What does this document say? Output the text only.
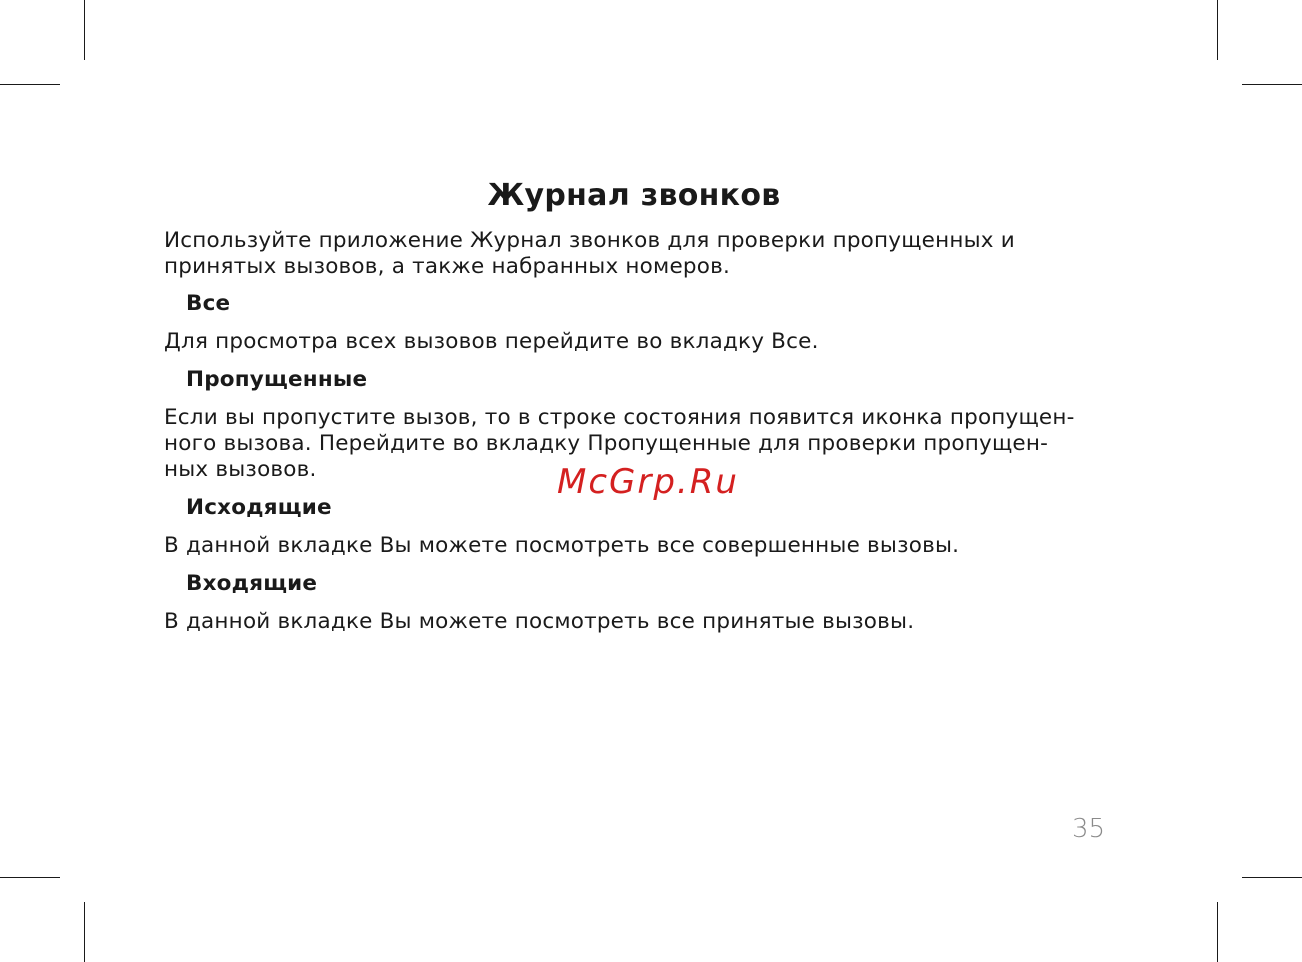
Журнал звонков

Используйте приложение Журнал звонков для проверки пропущенных и

принятых вызовов, а также набранных номеров.

Все

Для просмотра всех вызовов перейдите во вкладку Все.

Пропущенные

Если вы пропустите вызов, то в строке состояния появится иконка пропущен-

ного вызова. Перейдите во вкладку Пропущенные для проверки пропущен-

ных вызовов.

Исходящие

В данной вкладке Вы можете посмотреть все совершенные вызовы.

Входящие

В данной вкладке Вы можете посмотреть все принятые вызовы.

McGrp.Ru
35
